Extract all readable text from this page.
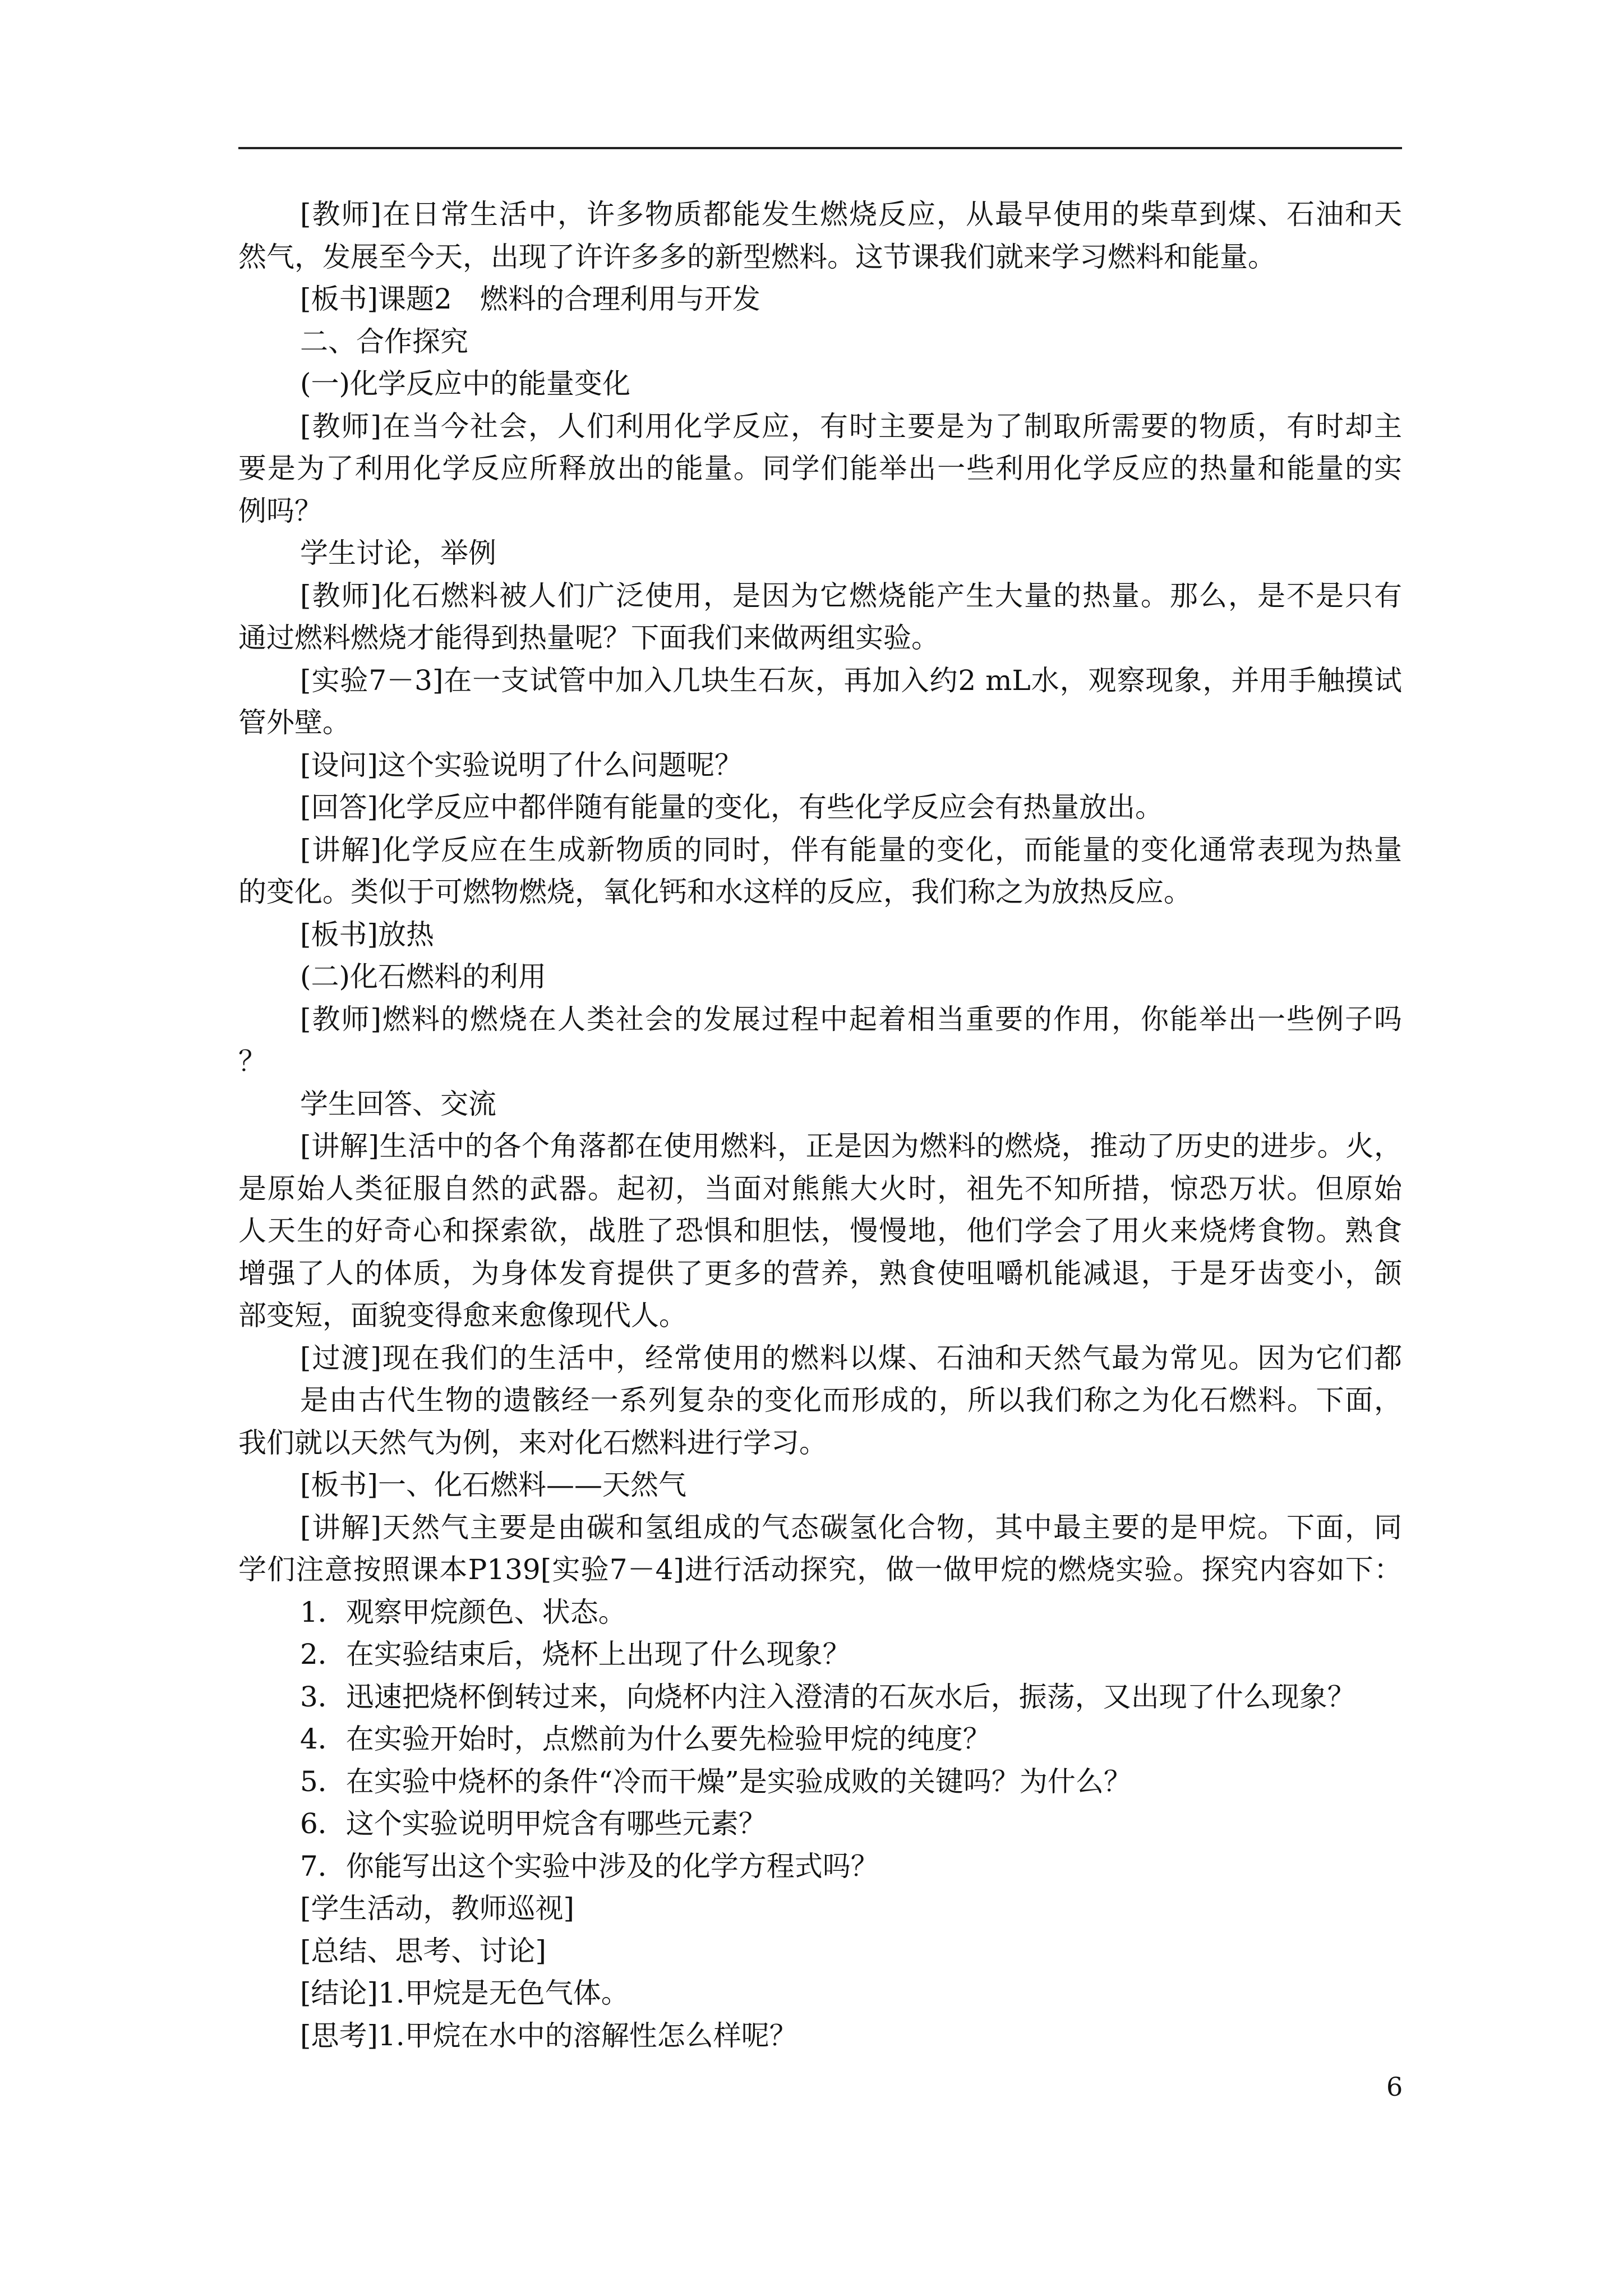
[教师]在日常生活中，许多物质都能发生燃烧反应，从最早使用的柴草到煤、石油和天
然气，发展至今天，出现了许许多多的新型燃料。这节课我们就来学习燃料和能量。
[板书]课题2　燃料的合理利用与开发
二、合作探究
(一)化学反应中的能量变化
[教师]在当今社会，人们利用化学反应，有时主要是为了制取所需要的物质，有时却主
要是为了利用化学反应所释放出的能量。同学们能举出一些利用化学反应的热量和能量的实
例吗？
学生讨论，举例
[教师]化石燃料被人们广泛使用，是因为它燃烧能产生大量的热量。那么，是不是只有
通过燃料燃烧才能得到热量呢？下面我们来做两组实验。
[实验7－3]在一支试管中加入几块生石灰，再加入约2 mL水，观察现象，并用手触摸试
管外壁。
[设问]这个实验说明了什么问题呢？
[回答]化学反应中都伴随有能量的变化，有些化学反应会有热量放出。
[讲解]化学反应在生成新物质的同时，伴有能量的变化，而能量的变化通常表现为热量
的变化。类似于可燃物燃烧，氧化钙和水这样的反应，我们称之为放热反应。
[板书]放热
(二)化石燃料的利用
[教师]燃料的燃烧在人类社会的发展过程中起着相当重要的作用，你能举出一些例子吗
？
学生回答、交流
[讲解]生活中的各个角落都在使用燃料，正是因为燃料的燃烧，推动了历史的进步。火，
是原始人类征服自然的武器。起初，当面对熊熊大火时，祖先不知所措，惊恐万状。但原始
人天生的好奇心和探索欲，战胜了恐惧和胆怯，慢慢地，他们学会了用火来烧烤食物。熟食
增强了人的体质，为身体发育提供了更多的营养，熟食使咀嚼机能减退，于是牙齿变小，颌
部变短，面貌变得愈来愈像现代人。
[过渡]现在我们的生活中，经常使用的燃料以煤、石油和天然气最为常见。因为它们都
是由古代生物的遗骸经一系列复杂的变化而形成的，所以我们称之为化石燃料。下面，
我们就以天然气为例，来对化石燃料进行学习。
[板书]一、化石燃料——天然气
[讲解]天然气主要是由碳和氢组成的气态碳氢化合物，其中最主要的是甲烷。下面，同
学们注意按照课本P139[实验7－4]进行活动探究，做一做甲烷的燃烧实验。探究内容如下：
1．观察甲烷颜色、状态。
2．在实验结束后，烧杯上出现了什么现象？
3．迅速把烧杯倒转过来，向烧杯内注入澄清的石灰水后，振荡，又出现了什么现象？
4．在实验开始时，点燃前为什么要先检验甲烷的纯度？
5．在实验中烧杯的条件“冷而干燥”是实验成败的关键吗？为什么？
6．这个实验说明甲烷含有哪些元素？
7．你能写出这个实验中涉及的化学方程式吗？
[学生活动，教师巡视]
[总结、思考、讨论]
[结论]1.甲烷是无色气体。
[思考]1.甲烷在水中的溶解性怎么样呢？
6
